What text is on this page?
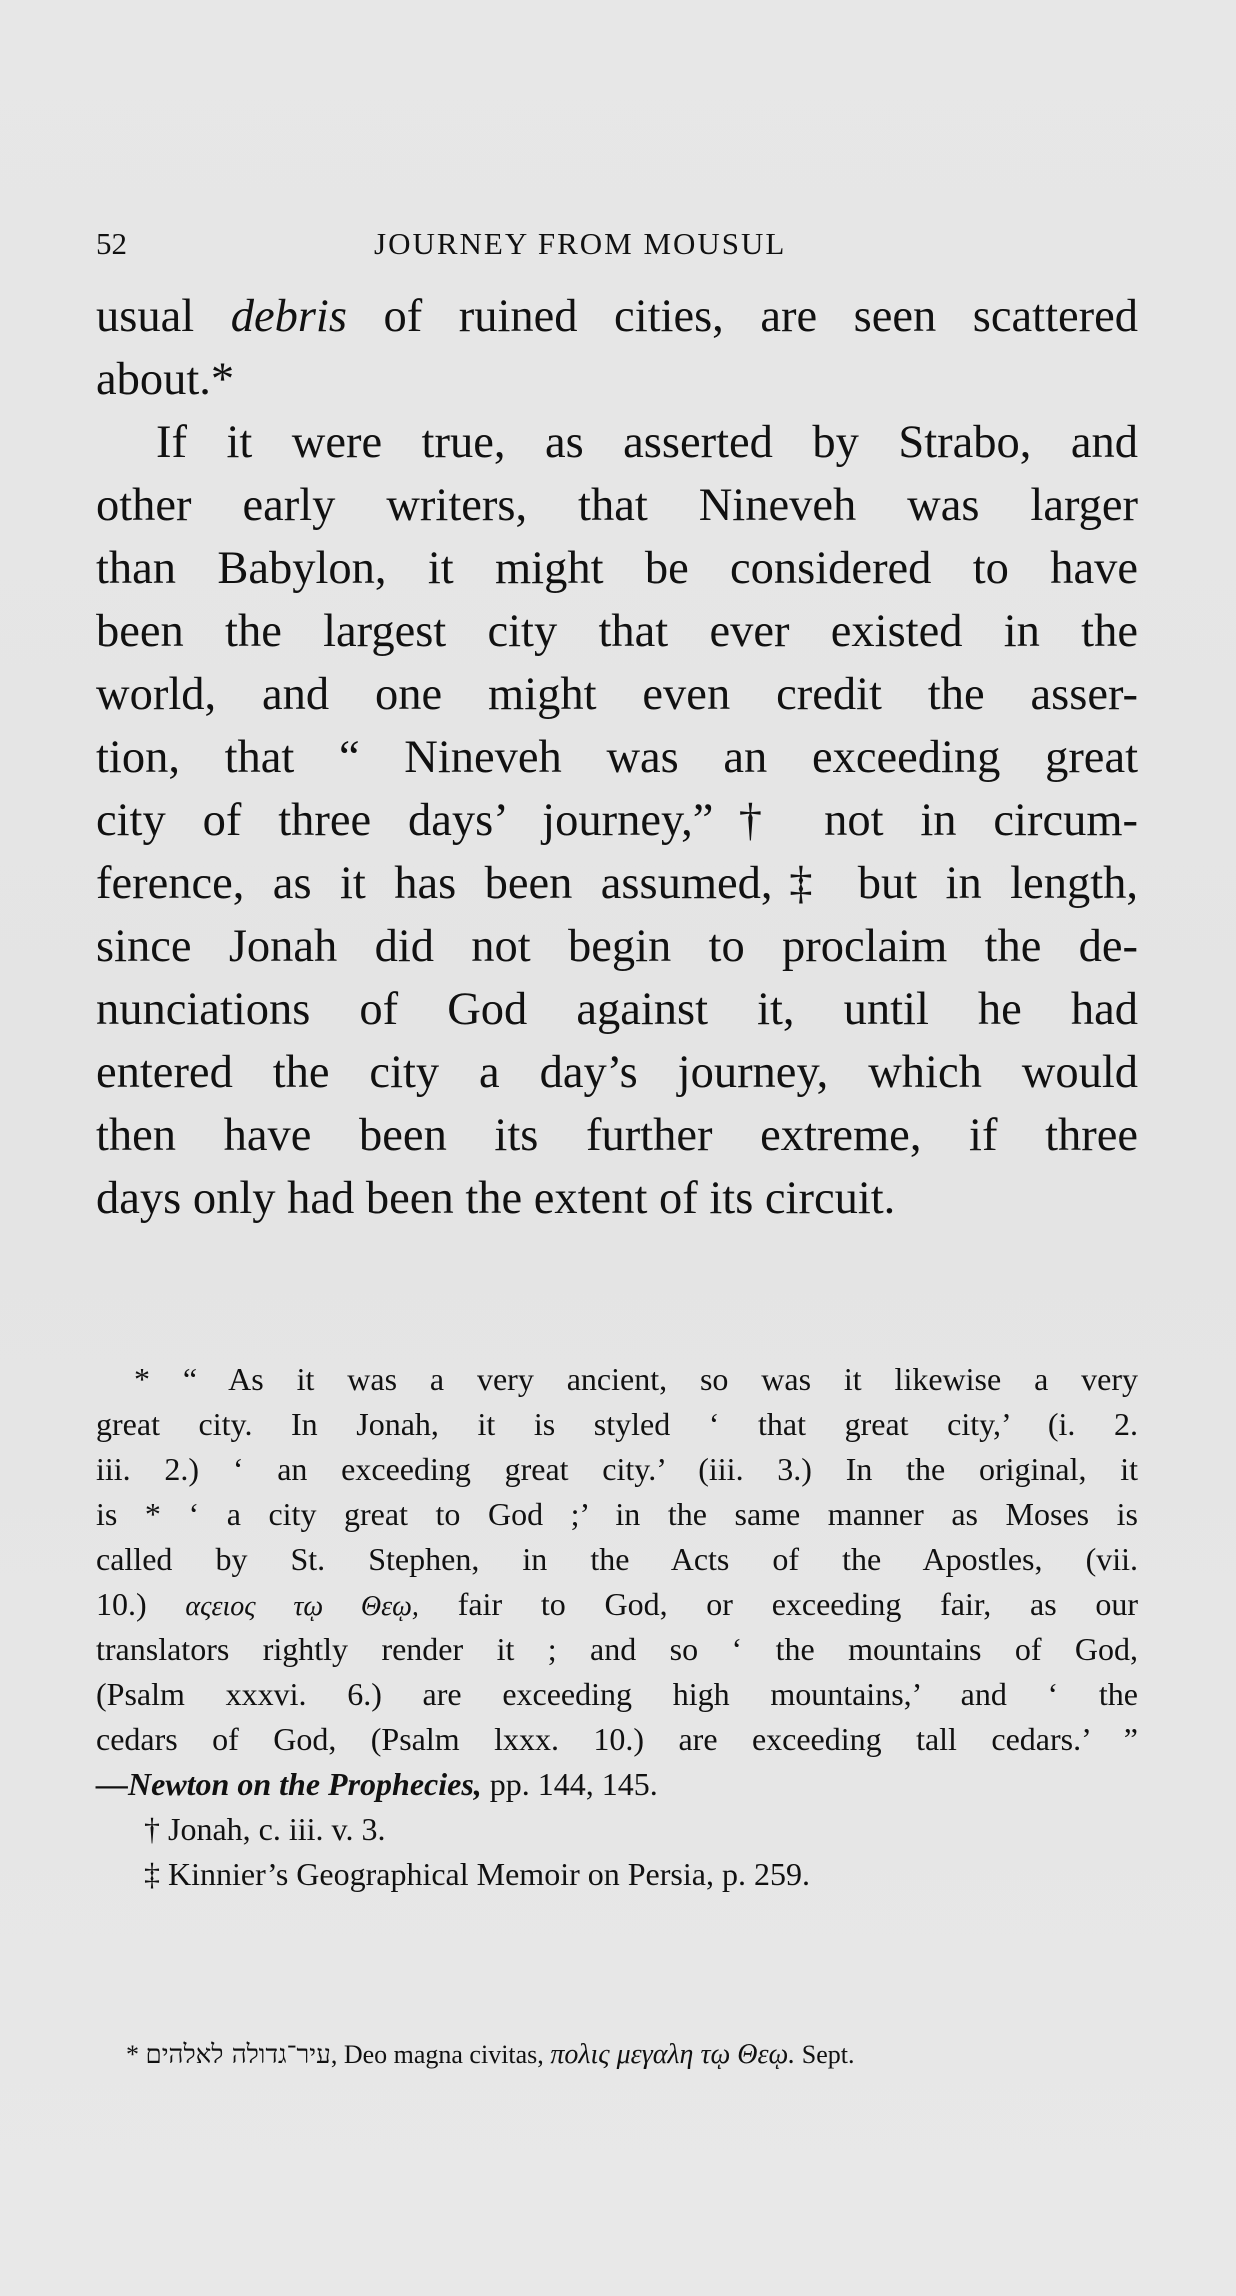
52	JOURNEY FROM MOUSUL
usual debris of ruined cities, are seen scattered
about.*
If it were true, as asserted by Strabo, and
other early writers, that Nineveh was larger
than Babylon, it might be considered to have
been the largest city that ever existed in the
world, and one might even credit the asser-
tion, that “ Nineveh was an exceeding great
city of three days’ journey,”† not in circum-
ference, as it has been assumed,‡ but in length,
since Jonah did not begin to proclaim the de-
nunciations of God against it, until he had
entered the city a day’s journey, which would
then have been its further extreme, if three
days only had been the extent of its circuit.
* “ As it was a very ancient, so was it likewise a very
great city. In Jonah, it is styled ‘ that great city,’ (i. 2.
iii. 2.) ‘ an exceeding great city.’ (iii. 3.) In the original, it
is * ‘ a city great to God ;’ in the same manner as Moses is
called by St. Stephen, in the Acts of the Apostles, (vii.
10.) αςειος τῳ Θεῳ, fair to God, or exceeding fair, as our
translators rightly render it ; and so ‘ the mountains of God,
(Psalm xxxvi. 6.) are exceeding high mountains,’ and ‘ the
cedars of God, (Psalm lxxx. 10.) are exceeding tall cedars.’ ”
—Newton on the Prophecies, pp. 144, 145.
† Jonah, c. iii. v. 3.
‡ Kinnier’s Geographical Memoir on Persia, p. 259.
* עיר־גדולה לאלהים, Deo magna civitas, πολις μεγαλη τῳ Θεῳ. Sept.
